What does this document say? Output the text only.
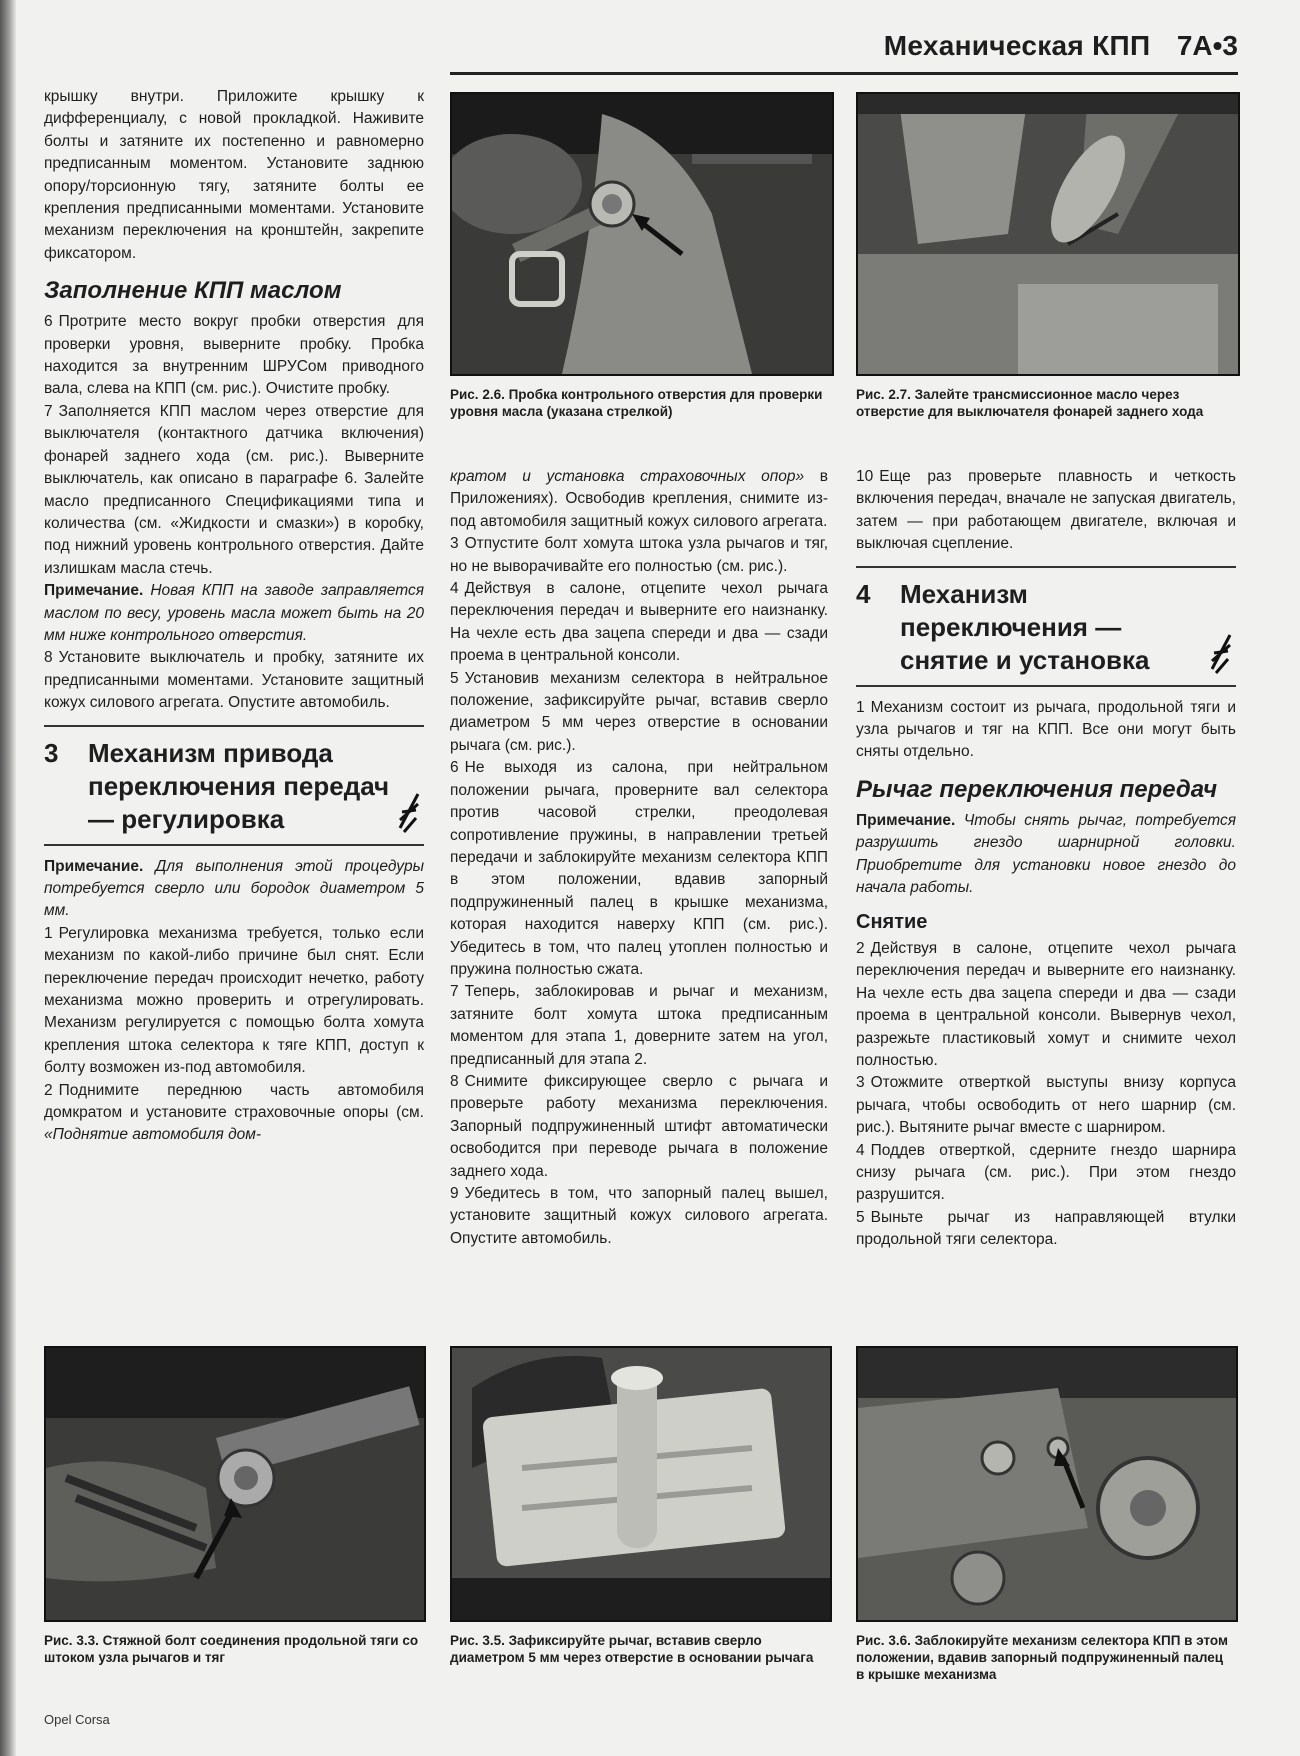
Механическая КПП 7A•3
Рис. 2.6. Пробка контрольного отверстия для проверки уровня масла (указана стрелкой)
Рис. 2.7. Залейте трансмиссионное масло через отверстие для выключателя фонарей заднего хода

крышку внутри. Приложите крышку к дифференциалу, с новой прокладкой. Наживите болты и затяните их постепенно и равномерно предписанным моментом. Установите заднюю опору/торсионную тягу, затяните болты ее крепления предписанными моментами. Установите механизм переключения на кронштейн, закрепите фиксатором.

Заполнение КПП маслом

6 Протрите место вокруг пробки отверстия для проверки уровня, выверните пробку. Пробка находится за внутренним ШРУСом приводного вала, слева на КПП (см. рис.). Очистите пробку.

7 Заполняется КПП маслом через отверстие для выключателя (контактного датчика включения) фонарей заднего хода (см. рис.). Выверните выключатель, как описано в параграфе 6. Залейте масло предписанного Спецификациями типа и количества (см. «Жидкости и смазки») в коробку, под нижний уровень контрольного отверстия. Дайте излишкам масла стечь.

Примечание. Новая КПП на заводе заправляется маслом по весу, уровень масла может быть на 20 мм ниже контрольного отверстия.

8 Установите выключатель и пробку, затяните их предписанными моментами. Установите защитный кожух силового агрегата. Опустите автомобиль.

3 Механизм привода переключения передач — регулировка

Примечание. Для выполнения этой процедуры потребуется сверло или бородок диаметром 5 мм.

1 Регулировка механизма требуется, только если механизм по какой-либо причине был снят. Если переключение передач происходит нечетко, работу механизма можно проверить и отрегулировать. Механизм регулируется с помощью болта хомута крепления штока селектора к тяге КПП, доступ к болту возможен из-под автомобиля.

2 Поднимите переднюю часть автомобиля домкратом и установите страховочные опоры (см. «Поднятие автомобиля дом-

кратом и установка страховочных опор» в Приложениях). Освободив крепления, снимите из-под автомобиля защитный кожух силового агрегата.

3 Отпустите болт хомута штока узла рычагов и тяг, но не выворачивайте его полностью (см. рис.).

4 Действуя в салоне, отцепите чехол рычага переключения передач и выверните его наизнанку. На чехле есть два зацепа спереди и два — сзади проема в центральной консоли.

5 Установив механизм селектора в нейтральное положение, зафиксируйте рычаг, вставив сверло диаметром 5 мм через отверстие в основании рычага (см. рис.).

6 Не выходя из салона, при нейтральном положении рычага, проверните вал селектора против часовой стрелки, преодолевая сопротивление пружины, в направлении третьей передачи и заблокируйте механизм селектора КПП в этом положении, вдавив запорный подпружиненный палец в крышке механизма, которая находится наверху КПП (см. рис.). Убедитесь в том, что палец утоплен полностью и пружина полностью сжата.

7 Теперь, заблокировав и рычаг и механизм, затяните болт хомута штока предписанным моментом для этапа 1, доверните затем на угол, предписанный для этапа 2.

8 Снимите фиксирующее сверло с рычага и проверьте работу механизма переключения. Запорный подпружиненный штифт автоматически освободится при переводе рычага в положение заднего хода.

9 Убедитесь в том, что запорный палец вышел, установите защитный кожух силового агрегата. Опустите автомобиль.

10 Еще раз проверьте плавность и четкость включения передач, вначале не запуская двигатель, затем — при работающем двигателе, включая и выключая сцепление.

4 Механизм переключения — снятие и установка

1 Механизм состоит из рычага, продольной тяги и узла рычагов и тяг на КПП. Все они могут быть сняты отдельно.

Рычаг переключения передач

Примечание. Чтобы снять рычаг, потребуется разрушить гнездо шарнирной головки. Приобретите для установки новое гнездо до начала работы.

Снятие

2 Действуя в салоне, отцепите чехол рычага переключения передач и выверните его наизнанку. На чехле есть два зацепа спереди и два — сзади проема в центральной консоли. Вывернув чехол, разрежьте пластиковый хомут и снимите чехол полностью.

3 Отожмите отверткой выступы внизу корпуса рычага, чтобы освободить от него шарнир (см. рис.). Вытяните рычаг вместе с шарниром.

4 Поддев отверткой, сдерните гнездо шарнира снизу рычага (см. рис.). При этом гнездо разрушится.

5 Выньте рычаг из направляющей втулки продольной тяги селектора.

Рис. 3.3. Стяжной болт соединения продольной тяги со штоком узла рычагов и тяг
Рис. 3.5. Зафиксируйте рычаг, вставив сверло диаметром 5 мм через отверстие в основании рычага
Рис. 3.6. Заблокируйте механизм селектора КПП в этом положении, вдавив запорный подпружиненный палец в крышке механизма
Opel Corsa
